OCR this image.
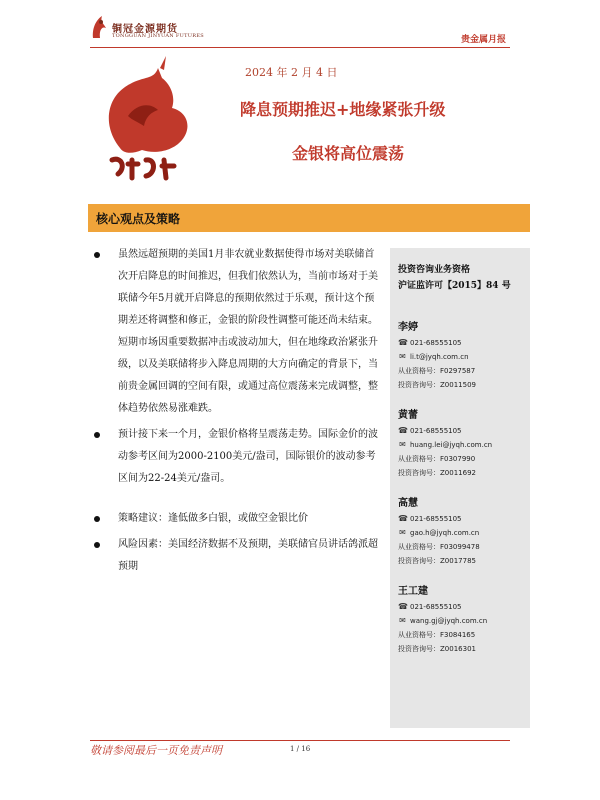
铜冠金源期货
TONGGUAN JINYUAN FUTURES	贵金属月报
铜冠有色
2024 年 2 月 4 日
降息预期推迟+地缘紧张升级
金银将高位震荡
核心观点及策略
虽然远超预期的美国1月非农就业数据使得市场对美联储首次开启降息的时间推迟，但我们依然认为，当前市场对于美联储今年5月就开启降息的预期依然过于乐观，预计这个预期差还将调整和修正，金银的阶段性调整可能还尚未结束。短期市场因重要数据冲击或波动加大，但在地缘政治紧张升级，以及美联储将步入降息周期的大方向确定的背景下，当前贵金属回调的空间有限，或通过高位震荡来完成调整，整体趋势依然易涨难跌。
预计接下来一个月，金银价格将呈震荡走势。国际金价的波动参考区间为2000-2100美元/盎司，国际银价的波动参考区间为22-24美元/盎司。
策略建议：逢低做多白银，或做空金银比价
风险因素：美国经济数据不及预期，美联储官员讲话鸽派超预期
投资咨询业务资格
沪证监许可【2015】84 号
李婷
☎ 021-68555105
✉ li.t@jyqh.com.cn
从业资格号：F0297587
投资咨询号：Z0011509
黄蕾
☎ 021-68555105
✉ huang.lei@jyqh.com.cn
从业资格号：F0307990
投资咨询号：Z0011692
高慧
☎ 021-68555105
✉ gao.h@jyqh.com.cn
从业资格号：F03099478
投资咨询号：Z0017785
王工建
☎ 021-68555105
✉ wang.gj@jyqh.com.cn
从业资格号：F3084165
投资咨询号：Z0016301
敬请参阅最后一页免责声明	1 / 16
